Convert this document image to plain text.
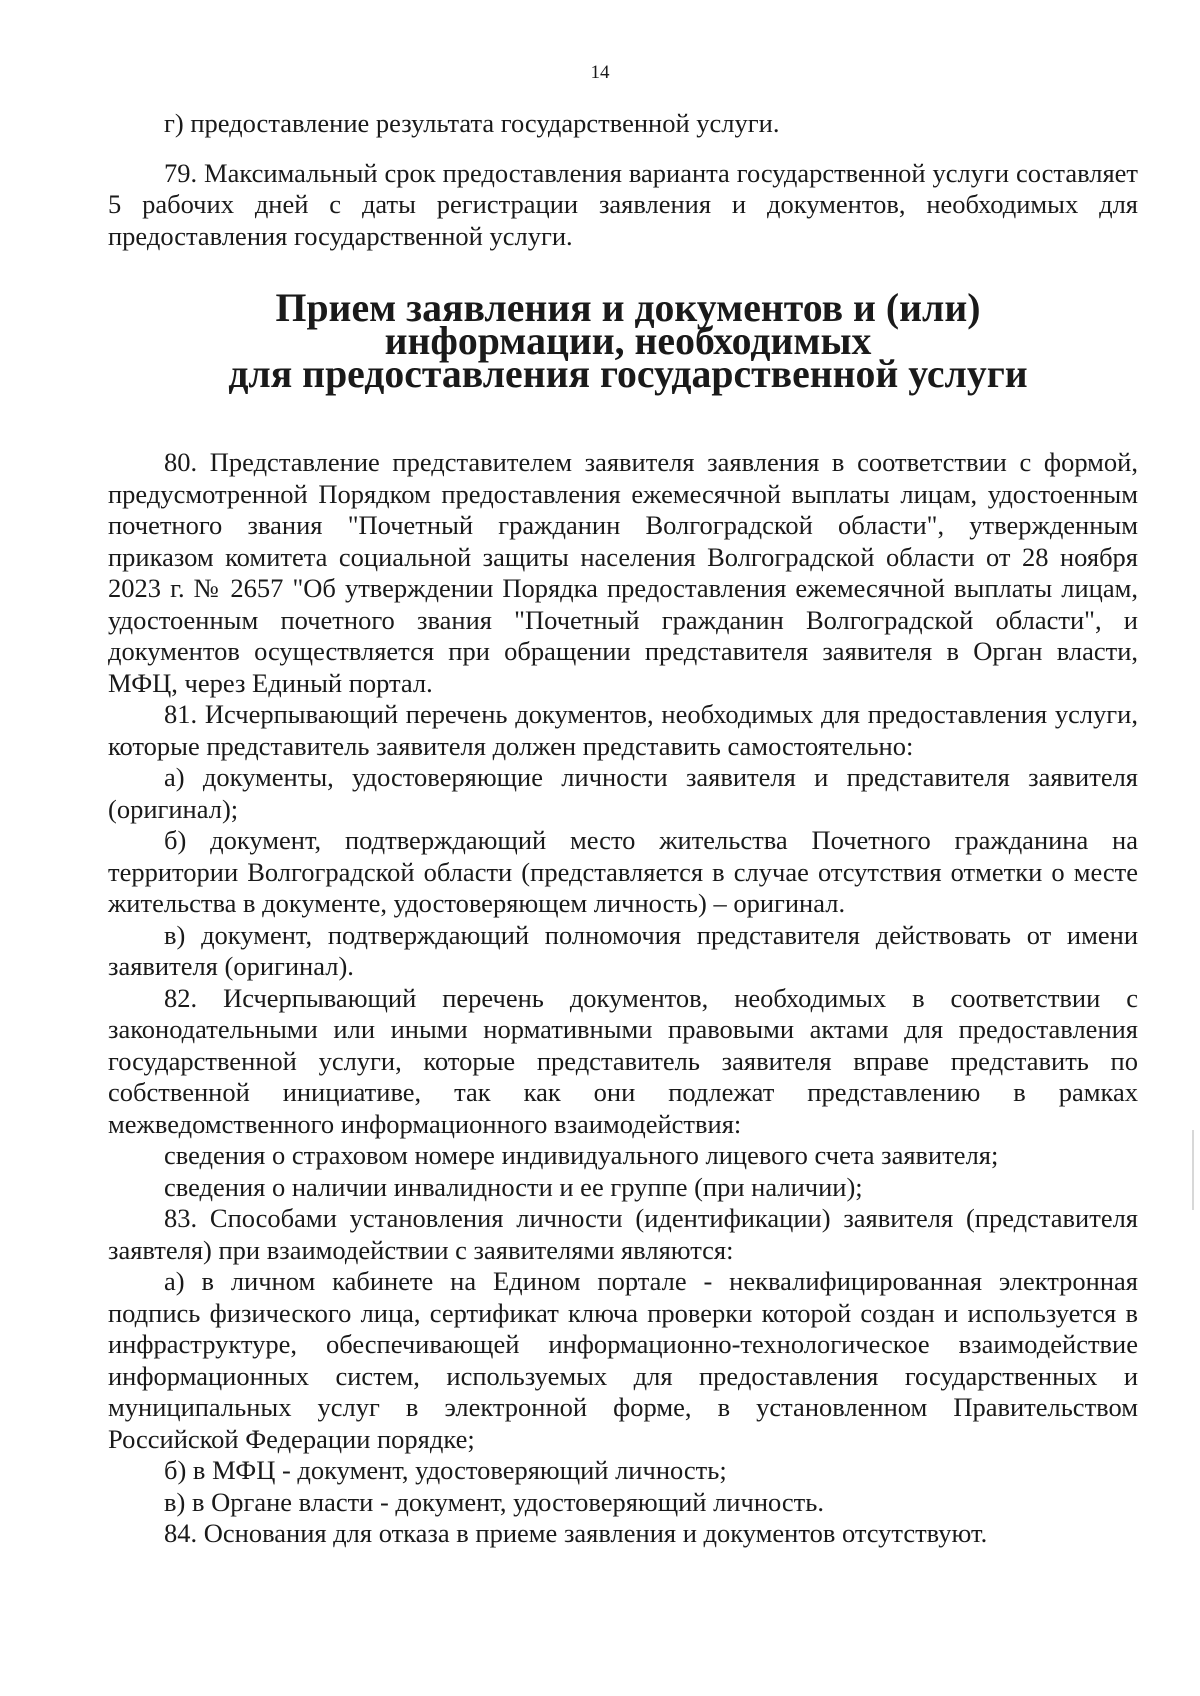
14

г) предоставление результата государственной услуги.

79. Максимальный срок предоставления варианта государственной услуги составляет 5 рабочих дней с даты регистрации заявления и документов, необходимых для предоставления государственной услуги.

Прием заявления и документов и (или) информации, необходимых
для предоставления государственной услуги

80. Представление представителем заявителя заявления в соответствии с формой, предусмотренной Порядком предоставления ежемесячной выплаты лицам, удостоенным почетного звания "Почетный гражданин Волгоградской области", утвержденным приказом комитета социальной защиты населения Волгоградской области от 28 ноября 2023 г. № 2657 "Об утверждении Порядка предоставления ежемесячной выплаты лицам, удостоенным почетного звания "Почетный гражданин Волгоградской области", и документов осуществляется при обращении представителя заявителя в Орган власти, МФЦ, через Единый портал.

81. Исчерпывающий перечень документов, необходимых для предоставления услуги, которые представитель заявителя должен представить самостоятельно:

а) документы, удостоверяющие личности заявителя и представителя заявителя (оригинал);

б) документ, подтверждающий место жительства Почетного гражданина на территории Волгоградской области (представляется в случае отсутствия отметки о месте жительства в документе, удостоверяющем личность) – оригинал.

в) документ, подтверждающий полномочия представителя действовать от имени заявителя (оригинал).

82. Исчерпывающий перечень документов, необходимых в соответствии с законодательными или иными нормативными правовыми актами для предоставления государственной услуги, которые представитель заявителя вправе представить по собственной инициативе, так как они подлежат представлению в рамках межведомственного информационного взаимодействия:

сведения о страховом номере индивидуального лицевого счета заявителя;

сведения о наличии инвалидности и ее группе (при наличии);

83. Способами установления личности (идентификации) заявителя (представителя заявтеля) при взаимодействии с заявителями являются:

а) в личном кабинете на Едином портале - неквалифицированная электронная подпись физического лица, сертификат ключа проверки которой создан и используется в инфраструктуре, обеспечивающей информационно-технологическое взаимодействие информационных систем, используемых для предоставления государственных и муниципальных услуг в электронной форме, в установленном Правительством Российской Федерации порядке;

б) в МФЦ - документ, удостоверяющий личность;

в) в Органе власти - документ, удостоверяющий личность.

84. Основания для отказа в приеме заявления и документов отсутствуют.
